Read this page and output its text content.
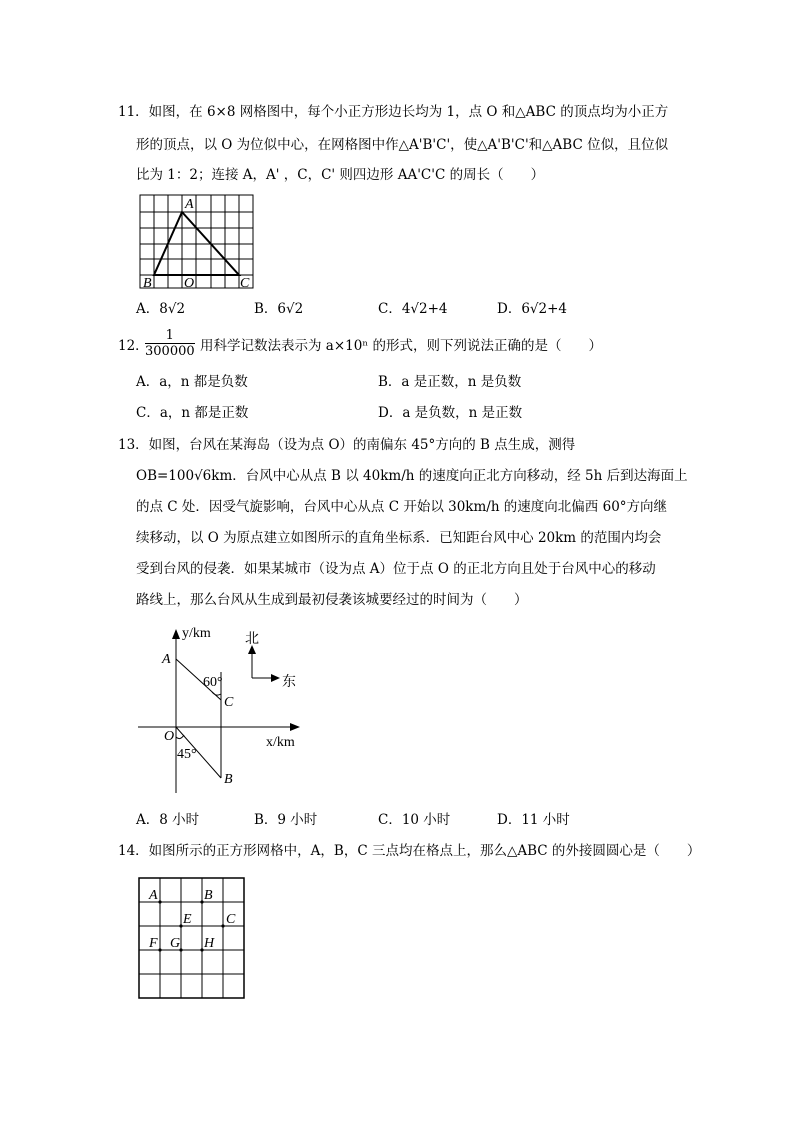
11．如图，在 6×8 网格图中，每个小正方形边长均为 1，点 O 和△ABC 的顶点均为小正方
形的顶点，以 O 为位似中心，在网格图中作△A'B'C'，使△A'B'C'和△ABC 位似，且位似
比为 1：2；连接 A，A' ，C，C' 则四边形 AA'C'C 的周长（　　）
A
B O	C
y/km
x/km
A
C
O
B
60°
45°
北
东
A	B
E C
F G H
A．8√2	B．6√2	C．4√2+4	D．6√2+4
12．
$\frac{1}{300000}$ 用科学记数法表示为 a×10ⁿ 的形式，则下列说法正确的是（　　）
A．a，n 都是负数	B．a 是正数，n 是负数
C．a，n 都是正数	D．a 是负数，n 是正数
13．如图，台风在某海岛（设为点 O）的南偏东 45°方向的 B 点生成，测得
OB=100√6km．台风中心从点 B 以 40km/h 的速度向正北方向移动，经 5h 后到达海面上
的点 C 处．因受气旋影响，台风中心从点 C 开始以 30km/h 的速度向北偏西 60°方向继
续移动，以 O 为原点建立如图所示的直角坐标系．已知距台风中心 20km 的范围内均会
受到台风的侵袭．如果某城市（设为点 A）位于点 O 的正北方向且处于台风中心的移动
路线上，那么台风从生成到最初侵袭该城要经过的时间为（　　）
A．8 小时	B．9 小时	C．10 小时	D．11 小时
14．如图所示的正方形网格中，A，B，C 三点均在格点上，那么△ABC 的外接圆圆心是（　　）
